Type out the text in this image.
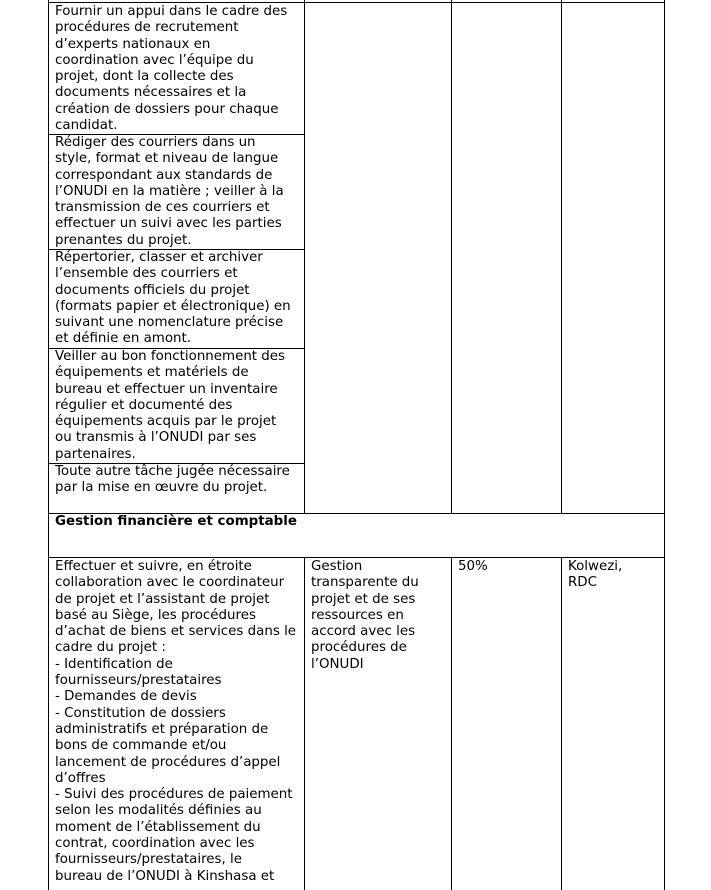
Fournir un appui dans le cadre des
procédures de recrutement
d’experts nationaux en
coordination avec l’équipe du
projet, dont la collecte des
documents nécessaires et la
création de dossiers pour chaque
candidat.

Rédiger des courriers dans un
style, format et niveau de langue
correspondant aux standards de
l’ONUDI en la matière ; veiller à la
transmission de ces courriers et
effectuer un suivi avec les parties
prenantes du projet.

Répertorier, classer et archiver
l’ensemble des courriers et
documents officiels du projet
(formats papier et électronique) en
suivant une nomenclature précise
et définie en amont.

Veiller au bon fonctionnement des
équipements et matériels de
bureau et effectuer un inventaire
régulier et documenté des
équipements acquis par le projet
ou transmis à l’ONUDI par ses
partenaires.

Toute autre tâche jugée nécessaire
par la mise en œuvre du projet.

Gestion financière et comptable

Effectuer et suivre, en étroite
collaboration avec le coordinateur
de projet et l’assistant de projet
basé au Siège, les procédures
d’achat de biens et services dans le
cadre du projet :
- Identification de
fournisseurs/prestataires
- Demandes de devis
- Constitution de dossiers
administratifs et préparation de
bons de commande et/ou
lancement de procédures d’appel
d’offres
- Suivi des procédures de paiement
selon les modalités définies au
moment de l’établissement du
contrat, coordination avec les
fournisseurs/prestataires, le
bureau de l’ONUDI à Kinshasa et

Gestion
transparente du
projet et de ses
ressources en
accord avec les
procédures de
l’ONUDI

50%	Kolwezi,
RDC
